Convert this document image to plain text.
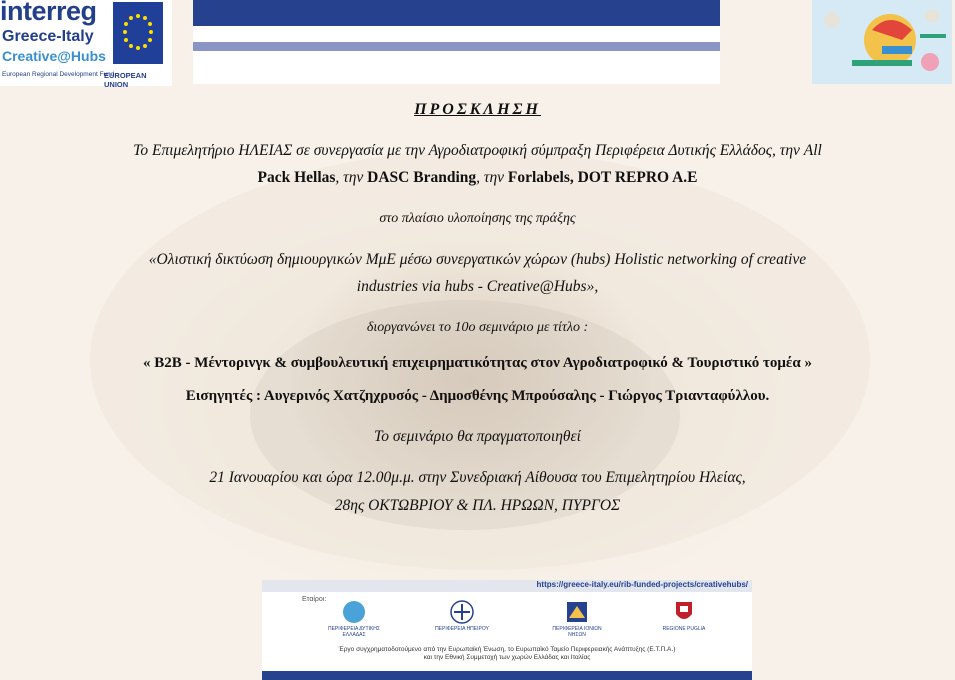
interreg
Greece-Italy
Creative@Hubs
European Regional Development Fund
EUROPEAN UNION
ΠΡΟΣΚΛΗΣΗ
Το Επιμελητήριο ΗΛΕΙΑΣ σε συνεργασία με την Αγροδιατροφική σύμπραξη Περιφέρεια Δυτικής Ελλάδος, την All
Pack Hellas, την DASC Branding, την Forlabels, DOT REPRO A.E
στο πλαίσιο υλοποίησης της πράξης
«Ολιστική δικτύωση δημιουργικών ΜμΕ μέσω συνεργατικών χώρων (hubs) Holistic networking of creative
industries via hubs - Creative@Hubs»,
διοργανώνει το 10ο σεμινάριο με τίτλο :
« B2B - Μέντορινγκ & συμβουλευτική επιχειρηματικότητας στον Αγροδιατροφικό & Τουριστικό τομέα »
Εισηγητές : Αυγερινός Χατζηχρυσός - Δημοσθένης Μπρούσαλης - Γιώργος Τριανταφύλλου.
Το σεμινάριο θα πραγματοποιηθεί
21 Ιανουαρίου και ώρα 12.00μ.μ. στην Συνεδριακή Αίθουσα του Επιμελητηρίου Ηλείας,
28ης ΟΚΤΩΒΡΙΟΥ & ΠΛ. ΗΡΩΩΝ, ΠΥΡΓΟΣ
https://greece-italy.eu/rib-funded-projects/creativehubs/
Εταίροι:
ΠΕΡΙΦΕΡΕΙΑ ΔΥΤΙΚΗΣ ΕΛΛΑΔΑΣ
ΠΕΡΙΦΕΡΕΙΑ ΗΠΕΙΡΟΥ	ΠΕΡΙΦΕΡΕΙΑ ΙΟΝΙΩΝ ΝΗΣΩΝ
REGIONE PUGLIA
Έργο συγχρηματοδοτούμενο από την Ευρωπαϊκή Ένωση, το Ευρωπαϊκό Ταμείο Περιφερειακής Ανάπτυξης (Ε.Τ.Π.Α.)
και την Εθνική Συμμετοχή των χωρών Ελλάδας και Ιταλίας
